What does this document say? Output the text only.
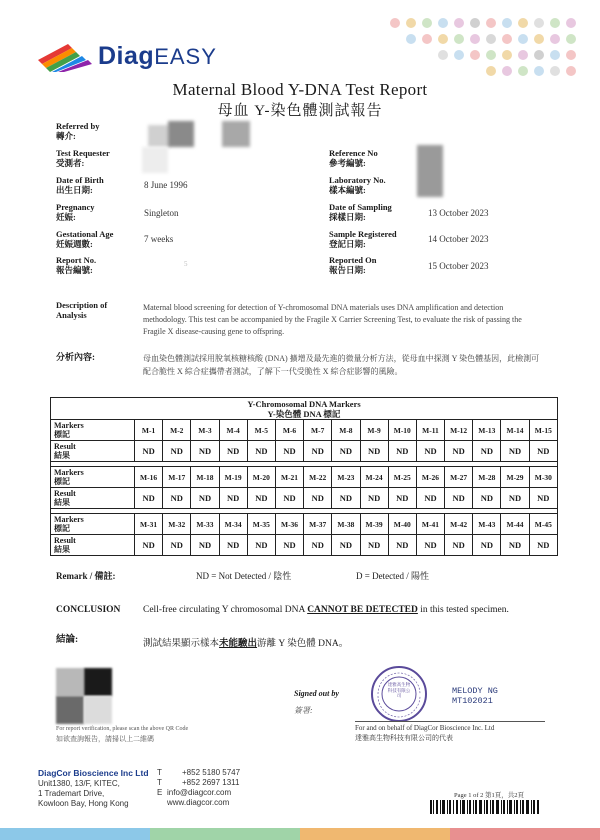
DiagEASY
Maternal Blood Y-DNA Test Report
母血 Y-染色體測試報告
Referred by
轉介:
Test Requester
受測者:
Date of Birth
出生日期:	8 June 1996
Pregnancy
妊娠:	Singleton
Gestational Age
妊娠週數:	7 weeks
Report No.
報告編號:
5
Reference No
參考編號:
Laboratory No.
樣本編號:
Date of Sampling
採樣日期:	13 October 2023
Sample Registered
登記日期:	14 October 2023
Reported On
報告日期:	15 October 2023
Description of
Analysis
Maternal blood screening for detection of Y-chromosomal DNA materials uses DNA amplification and detection methodology. This test can be accompanied by the Fragile X Carrier Screening Test, to evaluate the risk of passing the Fragile X disease-causing gene to offspring.
分析內容:	母血染色體測試採用脫氧核糖核酸 (DNA) 擴增及最先進的微量分析方法，從母血中探測 Y 染色體基因，此檢測可配合脆性 X 綜合症攜帶者測試，了解下一代受脆性 X 綜合症影響的風險。
Y-Chromosomal DNA Markers
Y-染色體 DNA 標記
Markers
標記	M-1	M-2	M-3	M-4	M-5	M-6	M-7	M-8	M-9	M-10	M-11	M-12	M-13	M-14	M-15

Result
結果	ND	ND	ND	ND	ND	ND	ND	ND	ND	ND	ND	ND	ND	ND	ND

Markers
標記	M-16	M-17	M-18	M-19	M-20	M-21	M-22	M-23	M-24	M-25	M-26	M-27	M-28	M-29	M-30

Result
結果	ND	ND	ND	ND	ND	ND	ND	ND	ND	ND	ND	ND	ND	ND	ND

Markers
標記	M-31	M-32	M-33	M-34	M-35	M-36	M-37	M-38	M-39	M-40	M-41	M-42	M-43	M-44	M-45

Result
結果	ND	ND	ND	ND	ND	ND	ND	ND	ND	ND	ND	ND	ND	ND	ND
Remark / 備註:	ND = Not Detected / 陰性	D = Detected / 陽性
CONCLUSION Cell-free circulating Y chromosomal DNA CANNOT BE DETECTED in this tested specimen.
結論:	測試結果顯示樣本未能驗出游離 Y 染色體 DNA。
For report verification, please scan the above QR Code
如欲查詢報告，請掃以上二維碼
Signed out by
簽署:
達雅高生物科技有限公司	MELODY NG
MT102021
For and on behalf of DiagCor Bioscience Inc. Ltd
達雅高生物科技有限公司的代表
DiagCor Bioscience Inc Ltd
Unit1380, 13/F, KITEC,
1 Trademart Drive,
Kowloon Bay, Hong Kong
T	+852 5180 5747
T	+852 2697 1311
E info@diagcor.com
www.diagcor.com
Page 1 of 2 第1頁，共2頁
